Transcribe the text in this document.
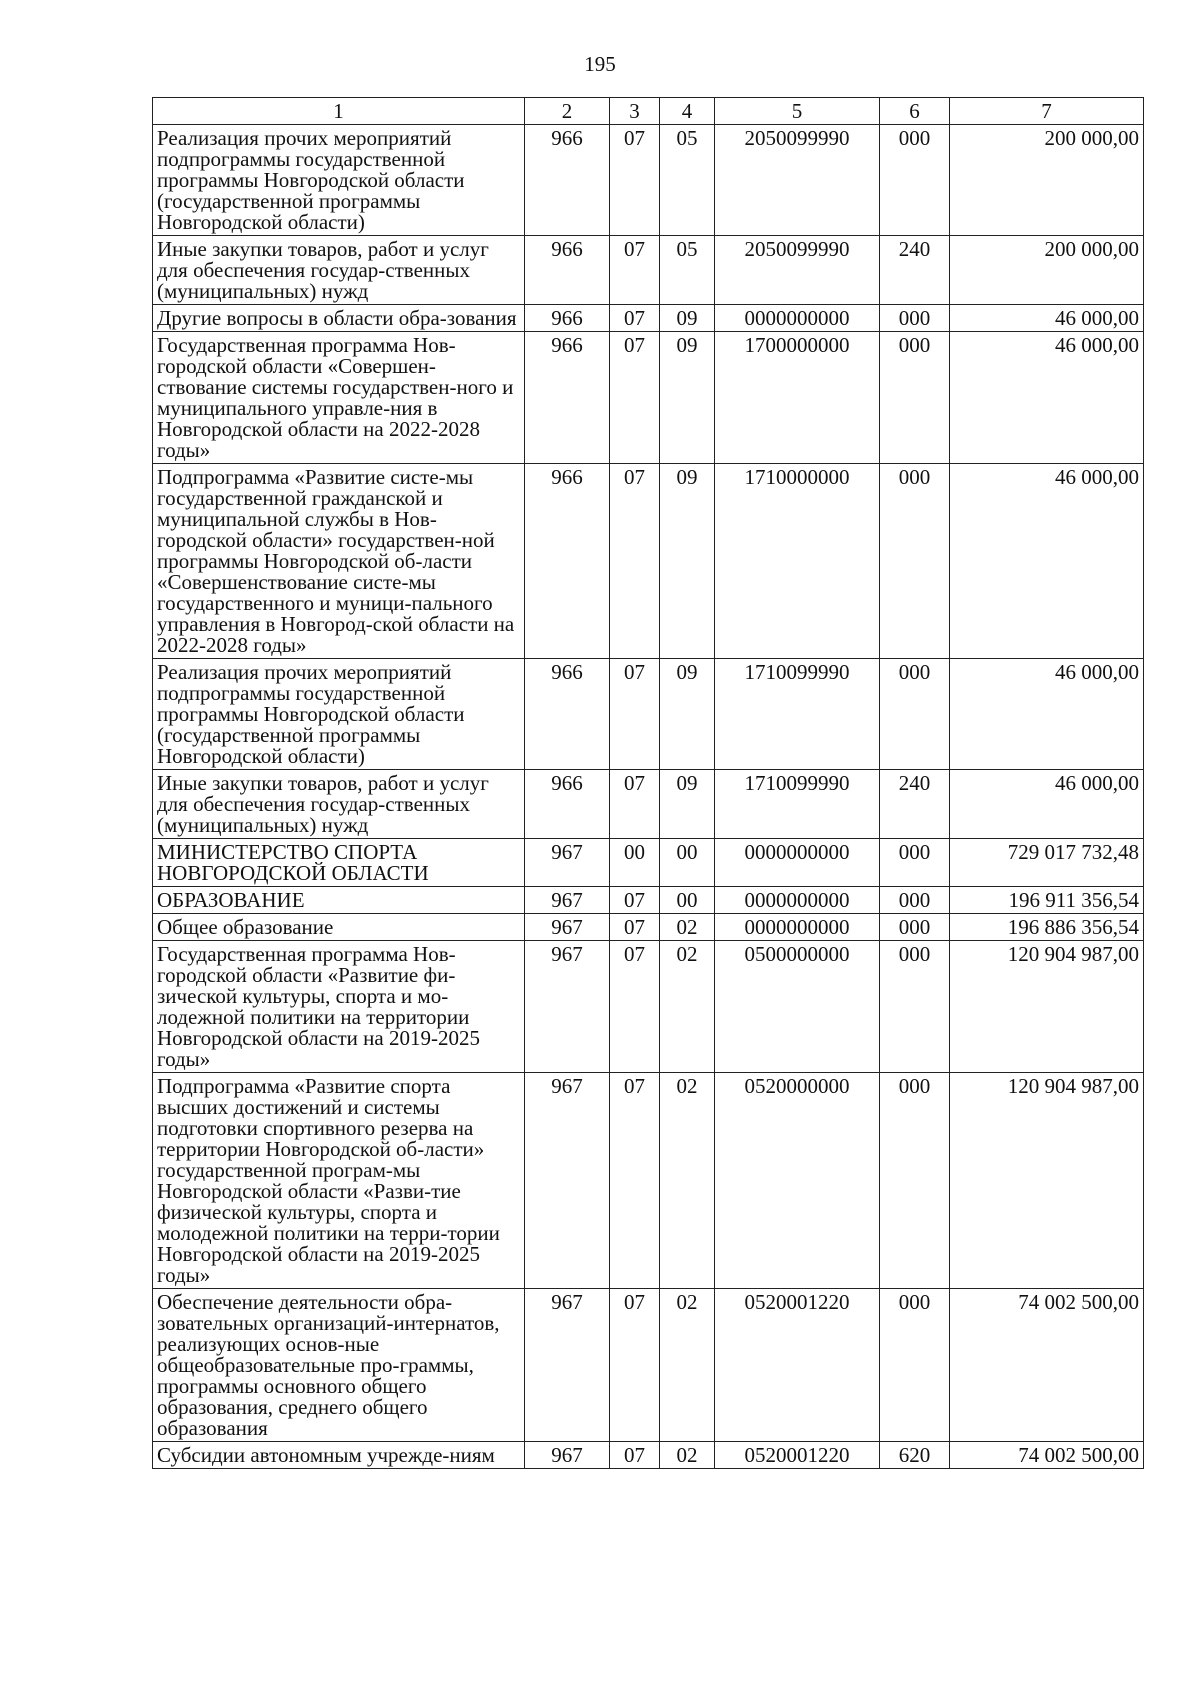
195
1	2	3	4	5	6	7
Реализация прочих мероприятий подпрограммы государственной программы Новгородской области (государственной программы Новгородской области)	966	07	05	2050099990	000	200 000,00
Иные закупки товаров, работ и услуг для обеспечения государ-ственных (муниципальных) нужд	966	07	05	2050099990	240	200 000,00
Другие вопросы в области обра-зования	966	07	09	0000000000	000	46 000,00
Государственная программа Нов-городской области «Совершен-ствование системы государствен-ного и муниципального управле-ния в Новгородской области на 2022-2028 годы»	966	07	09	1700000000	000	46 000,00
Подпрограмма «Развитие систе-мы государственной гражданской и муниципальной службы в Нов-городской области» государствен-ной программы Новгородской об-ласти «Совершенствование систе-мы государственного и муници-пального управления в Новгород-ской области на 2022-2028 годы»	966	07	09	1710000000	000	46 000,00
Реализация прочих мероприятий подпрограммы государственной программы Новгородской области (государственной программы Новгородской области)	966	07	09	1710099990	000	46 000,00
Иные закупки товаров, работ и услуг для обеспечения государ-ственных (муниципальных) нужд	966	07	09	1710099990	240	46 000,00
МИНИСТЕРСТВО СПОРТА НОВГОРОДСКОЙ ОБЛАСТИ	967	00	00	0000000000	000	729 017 732,48
ОБРАЗОВАНИЕ	967	07	00	0000000000	000	196 911 356,54
Общее образование	967	07	02	0000000000	000	196 886 356,54
Государственная программа Нов-городской области «Развитие фи-зической культуры, спорта и мо-лодежной политики на территории Новгородской области на 2019-2025 годы»	967	07	02	0500000000	000	120 904 987,00
Подпрограмма «Развитие спорта высших достижений и системы подготовки спортивного резерва на территории Новгородской об-ласти» государственной програм-мы Новгородской области «Разви-тие физической культуры, спорта и молодежной политики на терри-тории Новгородской области на 2019-2025 годы»	967	07	02	0520000000	000	120 904 987,00
Обеспечение деятельности обра-зовательных организаций-интернатов, реализующих основ-ные общеобразовательные про-граммы, программы основного общего образования, среднего общего образования	967	07	02	0520001220	000	74 002 500,00
Субсидии автономным учрежде-ниям	967	07	02	0520001220	620	74 002 500,00
